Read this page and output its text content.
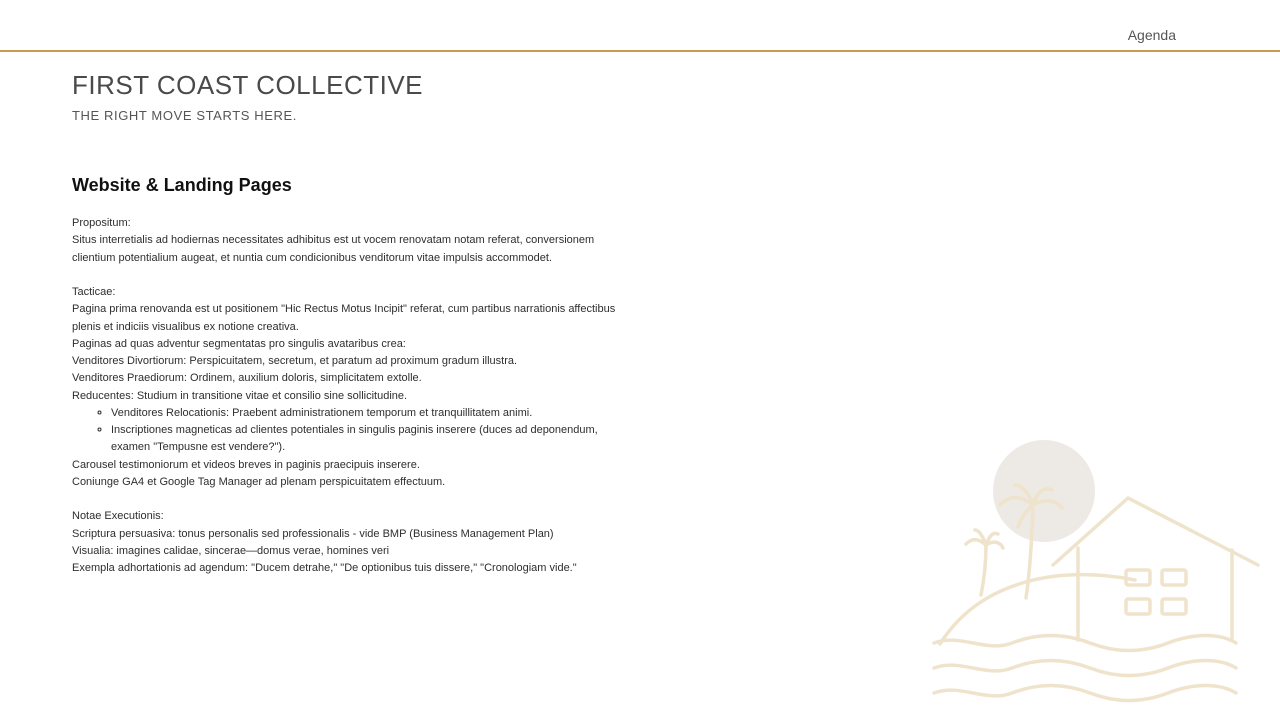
Agenda
FIRST COAST COLLECTIVE

THE RIGHT MOVE STARTS HERE.

Website & Landing Pages

Propositum:

Situs interretialis ad hodiernas necessitates adhibitus est ut vocem renovatam notam referat, conversionem

clientium potentialium augeat, et nuntia cum condicionibus venditorum vitae impulsis accommodet.

Tacticae:

Pagina prima renovanda est ut positionem "Hic Rectus Motus Incipit" referat, cum partibus narrationis affectibus

plenis et indiciis visualibus ex notione creativa.

Paginas ad quas adventur segmentatas pro singulis avataribus crea:

Venditores Divortiorum: Perspicuitatem, secretum, et paratum ad proximum gradum illustra.

Venditores Praediorum: Ordinem, auxilium doloris, simplicitatem extolle.

Reducentes: Studium in transitione vitae et consilio sine sollicitudine.

◦ Venditores Relocationis: Praebent administrationem temporum et tranquillitatem animi.
◦ Inscriptiones magneticas ad clientes potentiales in singulis paginis inserere (duces ad deponendum,
examen "Tempusne est vendere?").

Carousel testimoniorum et videos breves in paginis praecipuis inserere.

Coniunge GA4 et Google Tag Manager ad plenam perspicuitatem effectuum.

Notae Executionis:

Scriptura persuasiva: tonus personalis sed professionalis - vide BMP (Business Management Plan)

Visualia: imagines calidae, sincerae—domus verae, homines veri

Exempla adhortationis ad agendum: "Ducem detrahe," "De optionibus tuis dissere," "Cronologiam vide."
